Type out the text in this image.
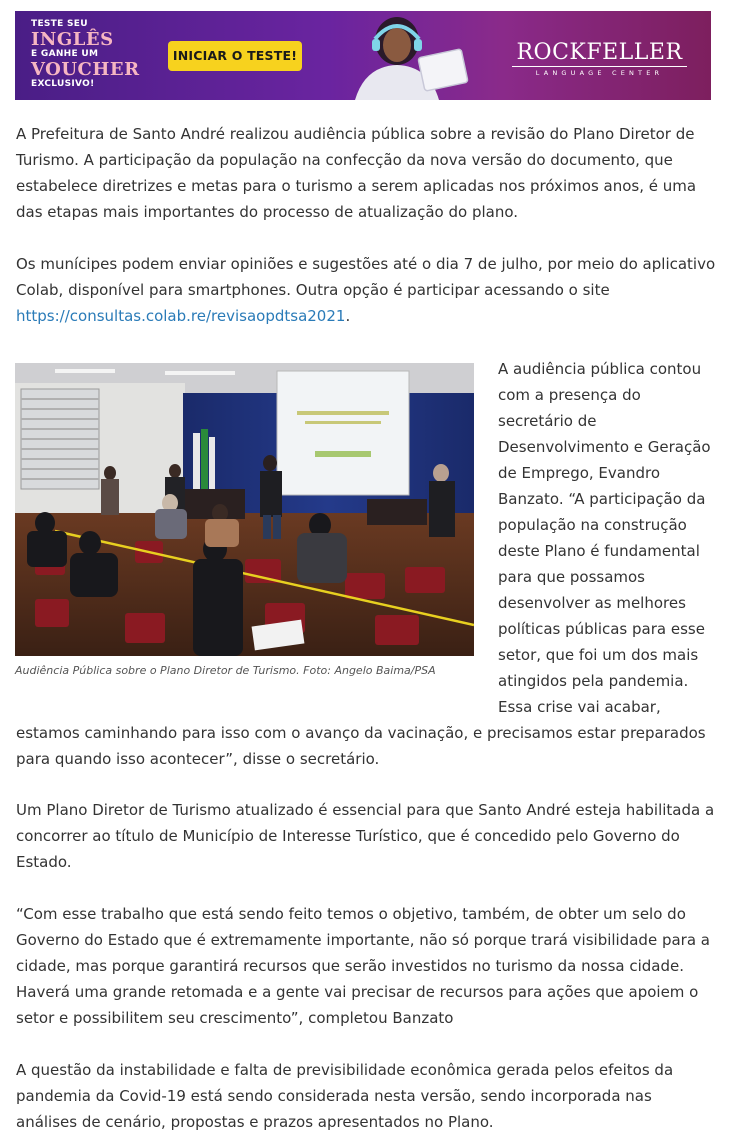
TESTE SEU
INGLÊS
E GANHE UM
VOUCHER
EXCLUSIVO!
INICIAR O TESTE!	ROCKFELLER
LANGUAGE CENTER

A Prefeitura de Santo André realizou audiência pública sobre a revisão do Plano Diretor de Turismo. A participação da população na confecção da nova versão do documento, que estabelece diretrizes e metas para o turismo a serem aplicadas nos próximos anos, é uma das etapas mais importantes do processo de atualização do plano.

Os munícipes podem enviar opiniões e sugestões até o dia 7 de julho, por meio do aplicativo Colab, disponível para smartphones. Outra opção é participar acessando o site https://consultas.colab.re/revisaopdtsa2021.

Audiência Pública sobre o Plano Diretor de Turismo. Foto: Angelo Baima/PSA

A audiência pública contou com a presença do secretário de Desenvolvimento e Geração de Emprego, Evandro Banzato. “A participação da população na construção deste Plano é fundamental para que possamos desenvolver as melhores políticas públicas para esse setor, que foi um dos mais atingidos pela pandemia. Essa crise vai acabar,

estamos caminhando para isso com o avanço da vacinação, e precisamos estar preparados para quando isso acontecer”, disse o secretário.

Um Plano Diretor de Turismo atualizado é essencial para que Santo André esteja habilitada a concorrer ao título de Município de Interesse Turístico, que é concedido pelo Governo do Estado.

“Com esse trabalho que está sendo feito temos o objetivo, também, de obter um selo do Governo do Estado que é extremamente importante, não só porque trará visibilidade para a cidade, mas porque garantirá recursos que serão investidos no turismo da nossa cidade. Haverá uma grande retomada e a gente vai precisar de recursos para ações que apoiem o setor e possibilitem seu crescimento”, completou Banzato

A questão da instabilidade e falta de previsibilidade econômica gerada pelos efeitos da pandemia da Covid-19 está sendo considerada nesta versão, sendo incorporada nas análises de cenário, propostas e prazos apresentados no Plano.
